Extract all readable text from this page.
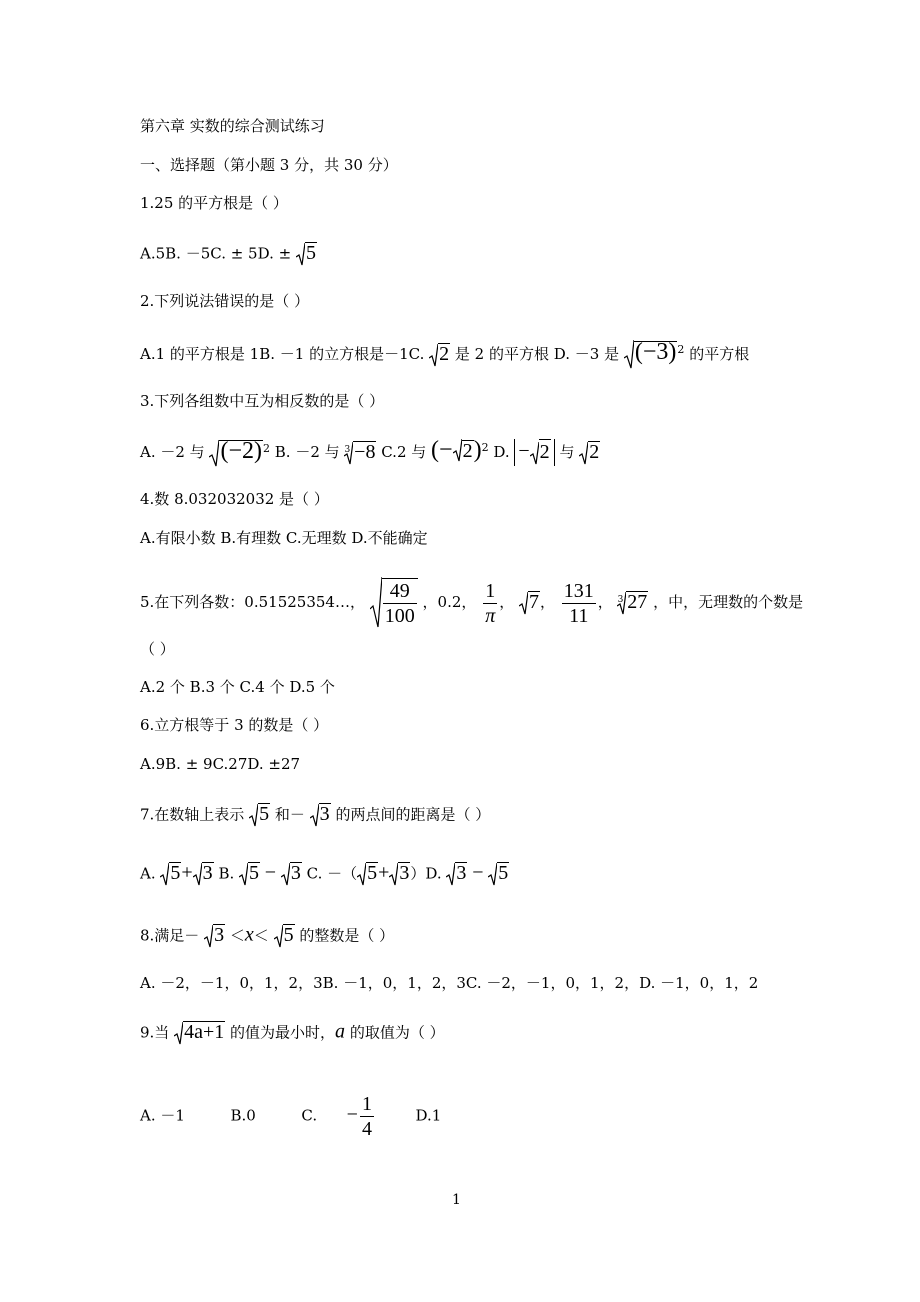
第六章 实数的综合测试练习
一、选择题（第小题 3 分，共 30 分）
1.25 的平方根是（ ）
A.5B. －5C. ± 5D. ± 5
2.下列说法错误的是（ ）
A.1 的平方根是 1B. －1 的立方根是－1C. 2 是 2 的平方根 D. －3 是 $(-3)^2$ 的平方根
3.下列各组数中互为相反数的是（ ）
A. －2 与 $(-2)^2$ B. －2 与 $^3$ −8 C.2 与 (− 2)$^2$ D. − 2 与 2
4.数 8.032032032 是（ ）
A.有限小数 B.有理数 C.无理数 D.不能确定
5.在下列各数：0.51525354…， $\frac{49}{100}$ ，0.2， $\frac{1}{\pi}$ ， 7， $\frac{131}{11}$ ， $^3$ 27 ，中，无理数的个数是
（ ）
A.2 个 B.3 个 C.4 个 D.5 个
6.立方根等于 3 的数是（ ）
A.9B. ± 9C.27D. ±27
7.在数轴上表示 5 和－ 3 的两点间的距离是（ ）
A. 5+ 3 B. 5 − 3 C. －（ 5+ 3）D. 3 − 5
8.满足－ 3 ＜x＜ 5 的整数是（ ）
A. －2，－1，0，1，2，3B. －1，0，1，2，3C. －2，－1，0，1，2，D. －1，0，1，2
9.当 4a+1 的值为最小时，a 的取值为（ ）
A. －1	B.0	C. − $\frac{1}{4}$	D.1
1
